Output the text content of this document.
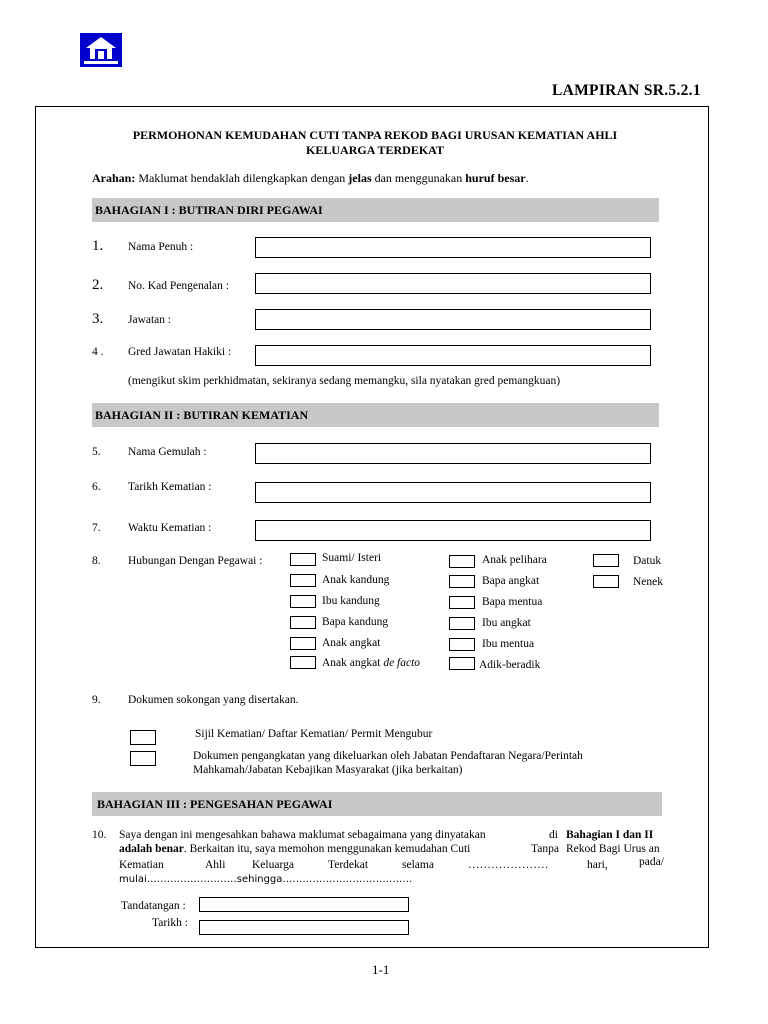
LAMPIRAN SR.5.2.1
PERMOHONAN KEMUDAHAN CUTI TANPA REKOD BAGI URUSAN KEMATIAN AHLI
KELUARGA TERDEKAT
Arahan: Maklumat hendaklah dilengkapkan dengan jelas dan menggunakan huruf besar.
BAHAGIAN I : BUTIRAN DIRI PEGAWAI
1. Nama Penuh :
2. No. Kad Pengenalan :
3. Jawatan :
4 . Gred Jawatan Hakiki :
(mengikut skim perkhidmatan, sekiranya sedang memangku, sila nyatakan gred pemangkuan)
BAHAGIAN II : BUTIRAN KEMATIAN
5. Nama Gemulah :
6. Tarikh Kematian :
7. Waktu Kematian :
8. Hubungan Dengan Pegawai :	Suami/ Isteri
Anak kandung
Ibu kandung
Bapa kandung
Anak angkat
Anak angkat de facto
Anak pelihara
Bapa angkat
Bapa mentua
Ibu angkat
Ibu mentua
Adik-beradik
Datuk
Nenek
9. Dokumen sokongan yang disertakan.
Sijil Kematian/ Daftar Kematian/ Permit Mengubur
Dokumen pengangkatan yang dikeluarkan oleh Jabatan Pendaftaran Negara/Perintah
Mahkamah/Jabatan Kebajikan Masyarakat (jika berkaitan)
BAHAGIAN III : PENGESAHAN PEGAWAI
10. Saya dengan ini mengesahkan bahawa maklumat sebagaimana yang dinyatakan	di Bahagian I dan II
adalah benar. Berkaitan itu, saya memohon menggunakan kemudahan Cuti	Tanpa Rekod Bagi Urus an
Kematian	Ahli Keluarga	Terdekat	selama	…………………	hari,	pada/
mulai………………………sehingga…………………………………
Tandatangan :
Tarikh :
1-1
